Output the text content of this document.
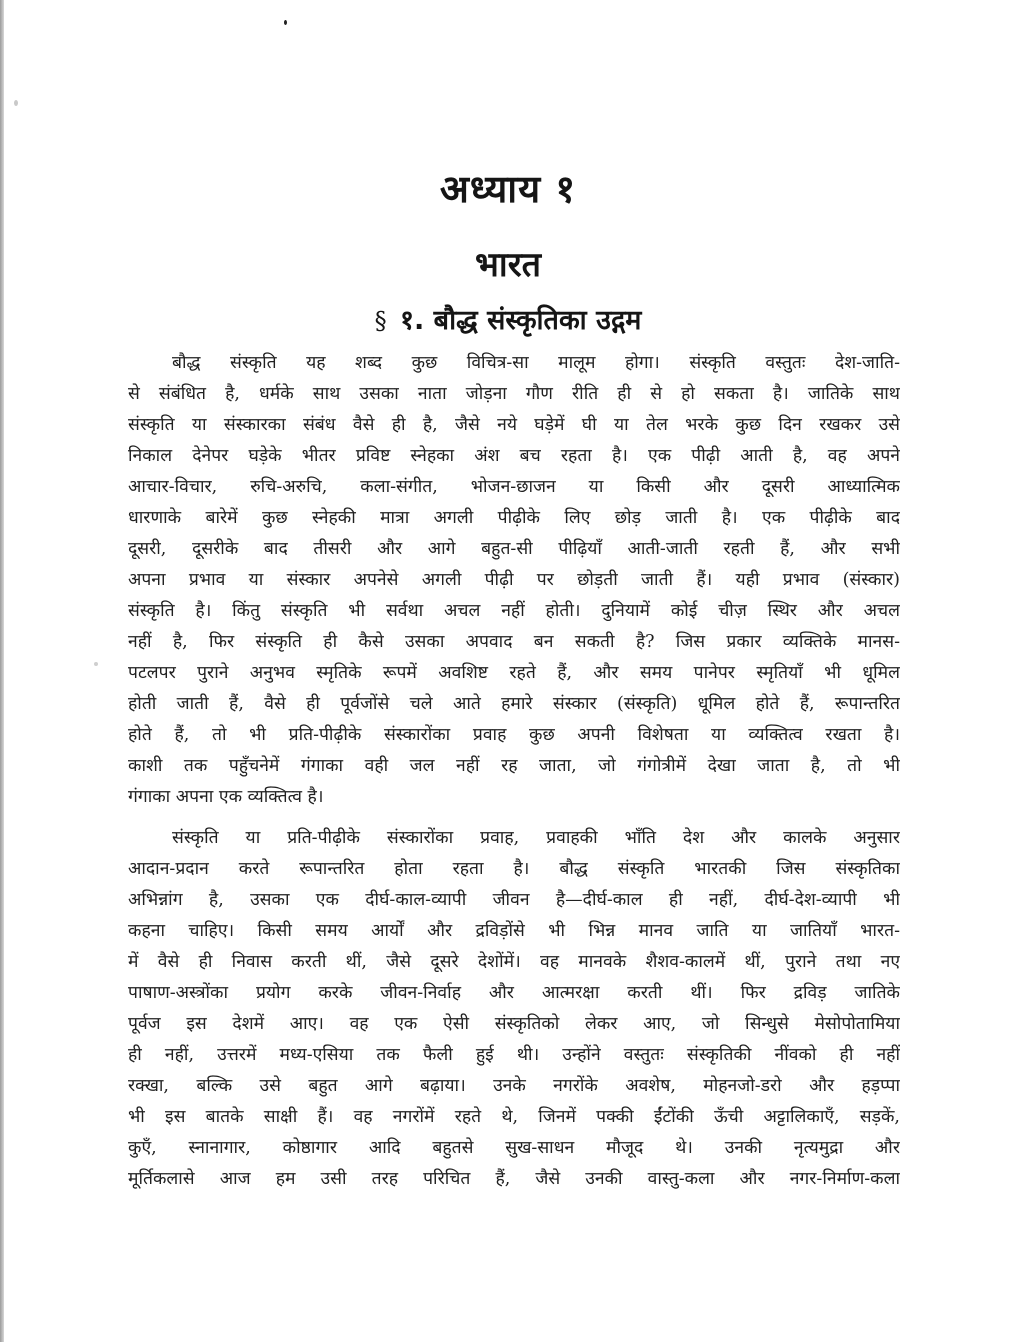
अध्याय १
भारत
§ १. बौद्ध संस्कृतिका उद्गम
बौद्ध संस्कृति यह शब्द कुछ विचित्र-सा मालूम होगा। संस्कृति वस्तुतः देश-जाति-
से संबंधित है, धर्मके साथ उसका नाता जोड़ना गौण रीति ही से हो सकता है। जातिके साथ
संस्कृति या संस्कारका संबंध वैसे ही है, जैसे नये घड़ेमें घी या तेल भरके कुछ दिन रखकर उसे
निकाल देनेपर घड़ेके भीतर प्रविष्ट स्नेहका अंश बच रहता है। एक पीढ़ी आती है, वह अपने
आचार-विचार, रुचि-अरुचि, कला-संगीत, भोजन-छाजन या किसी और दूसरी आध्यात्मिक
धारणाके बारेमें कुछ स्नेहकी मात्रा अगली पीढ़ीके लिए छोड़ जाती है। एक पीढ़ीके बाद
दूसरी, दूसरीके बाद तीसरी और आगे बहुत-सी पीढ़ियाँ आती-जाती रहती हैं, और सभी
अपना प्रभाव या संस्कार अपनेसे अगली पीढ़ी पर छोड़ती जाती हैं। यही प्रभाव (संस्कार)
संस्कृति है। किंतु संस्कृति भी सर्वथा अचल नहीं होती। दुनियामें कोई चीज़ स्थिर और अचल
नहीं है, फिर संस्कृति ही कैसे उसका अपवाद बन सकती है? जिस प्रकार व्यक्तिके मानस-
पटलपर पुराने अनुभव स्मृतिके रूपमें अवशिष्ट रहते हैं, और समय पानेपर स्मृतियाँ भी धूमिल
होती जाती हैं, वैसे ही पूर्वजोंसे चले आते हमारे संस्कार (संस्कृति) धूमिल होते हैं, रूपान्तरित
होते हैं, तो भी प्रति-पीढ़ीके संस्कारोंका प्रवाह कुछ अपनी विशेषता या व्यक्तित्व रखता है।
काशी तक पहुँचनेमें गंगाका वही जल नहीं रह जाता, जो गंगोत्रीमें देखा जाता है, तो भी
गंगाका अपना एक व्यक्तित्व है।
संस्कृति या प्रति-पीढ़ीके संस्कारोंका प्रवाह, प्रवाहकी भाँति देश और कालके अनुसार
आदान-प्रदान करते रूपान्तरित होता रहता है। बौद्ध संस्कृति भारतकी जिस संस्कृतिका
अभिन्नांग है, उसका एक दीर्घ-काल-व्यापी जीवन है—दीर्घ-काल ही नहीं, दीर्घ-देश-व्यापी भी
कहना चाहिए। किसी समय आर्यों और द्रविड़ोंसे भी भिन्न मानव जाति या जातियाँ भारत-
में वैसे ही निवास करती थीं, जैसे दूसरे देशोंमें। वह मानवके शैशव-कालमें थीं, पुराने तथा नए
पाषाण-अस्त्रोंका प्रयोग करके जीवन-निर्वाह और आत्मरक्षा करती थीं। फिर द्रविड़ जातिके
पूर्वज इस देशमें आए। वह एक ऐसी संस्कृतिको लेकर आए, जो सिन्धुसे मेसोपोतामिया
ही नहीं, उत्तरमें मध्य-एसिया तक फैली हुई थी। उन्होंने वस्तुतः संस्कृतिकी नींवको ही नहीं
रक्खा, बल्कि उसे बहुत आगे बढ़ाया। उनके नगरोंके अवशेष, मोहनजो-डरो और हड़प्पा
भी इस बातके साक्षी हैं। वह नगरोंमें रहते थे, जिनमें पक्की ईंटोंकी ऊँची अट्टालिकाएँ, सड़कें,
कुएँ, स्नानागार, कोष्ठागार आदि बहुतसे सुख-साधन मौजूद थे। उनकी नृत्यमुद्रा और
मूर्तिकलासे आज हम उसी तरह परिचित हैं, जैसे उनकी वास्तु-कला और नगर-निर्माण-कला
